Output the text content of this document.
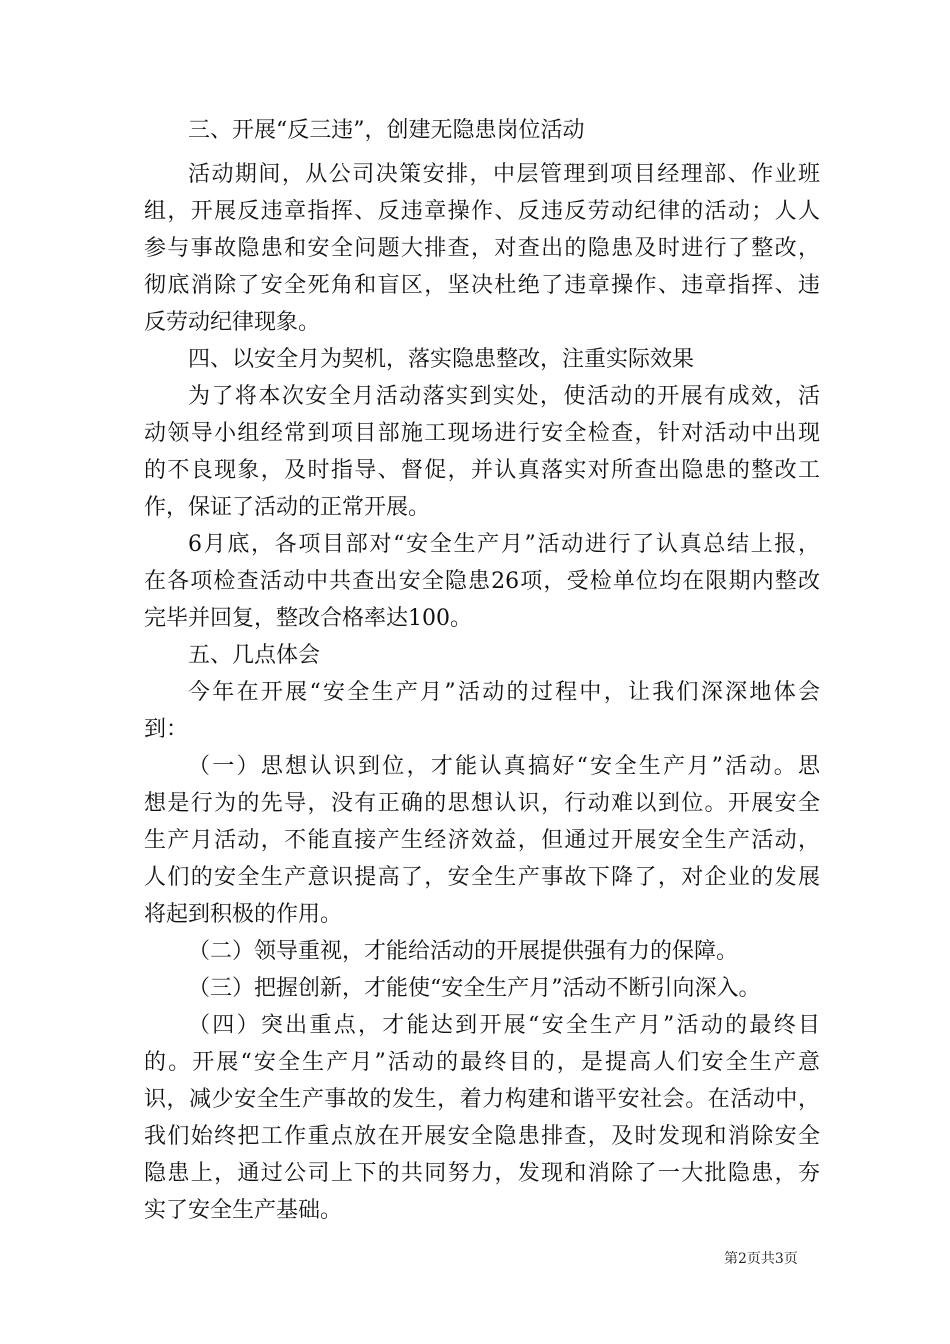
三、开展“反三违”，创建无隐患岗位活动
活动期间，从公司决策安排，中层管理到项目经理部、作业班
组，开展反违章指挥、反违章操作、反违反劳动纪律的活动；人人
参与事故隐患和安全问题大排查，对查出的隐患及时进行了整改，
彻底消除了安全死角和盲区，坚决杜绝了违章操作、违章指挥、违
反劳动纪律现象。
四、以安全月为契机，落实隐患整改，注重实际效果
为了将本次安全月活动落实到实处，使活动的开展有成效，活
动领导小组经常到项目部施工现场进行安全检查，针对活动中出现
的不良现象，及时指导、督促，并认真落实对所查出隐患的整改工
作，保证了活动的正常开展。
6月底，各项目部对“安全生产月”活动进行了认真总结上报，
在各项检查活动中共查出安全隐患26项，受检单位均在限期内整改
完毕并回复，整改合格率达100。
五、几点体会
今年在开展“安全生产月”活动的过程中，让我们深深地体会
到：
（一）思想认识到位，才能认真搞好“安全生产月”活动。思
想是行为的先导，没有正确的思想认识，行动难以到位。开展安全
生产月活动，不能直接产生经济效益，但通过开展安全生产活动，
人们的安全生产意识提高了，安全生产事故下降了，对企业的发展
将起到积极的作用。
（二）领导重视，才能给活动的开展提供强有力的保障。
（三）把握创新，才能使“安全生产月”活动不断引向深入。
（四）突出重点，才能达到开展“安全生产月”活动的最终目
的。开展“安全生产月”活动的最终目的，是提高人们安全生产意
识，减少安全生产事故的发生，着力构建和谐平安社会。在活动中，
我们始终把工作重点放在开展安全隐患排查，及时发现和消除安全
隐患上，通过公司上下的共同努力，发现和消除了一大批隐患，夯
实了安全生产基础。
第2页共3页
